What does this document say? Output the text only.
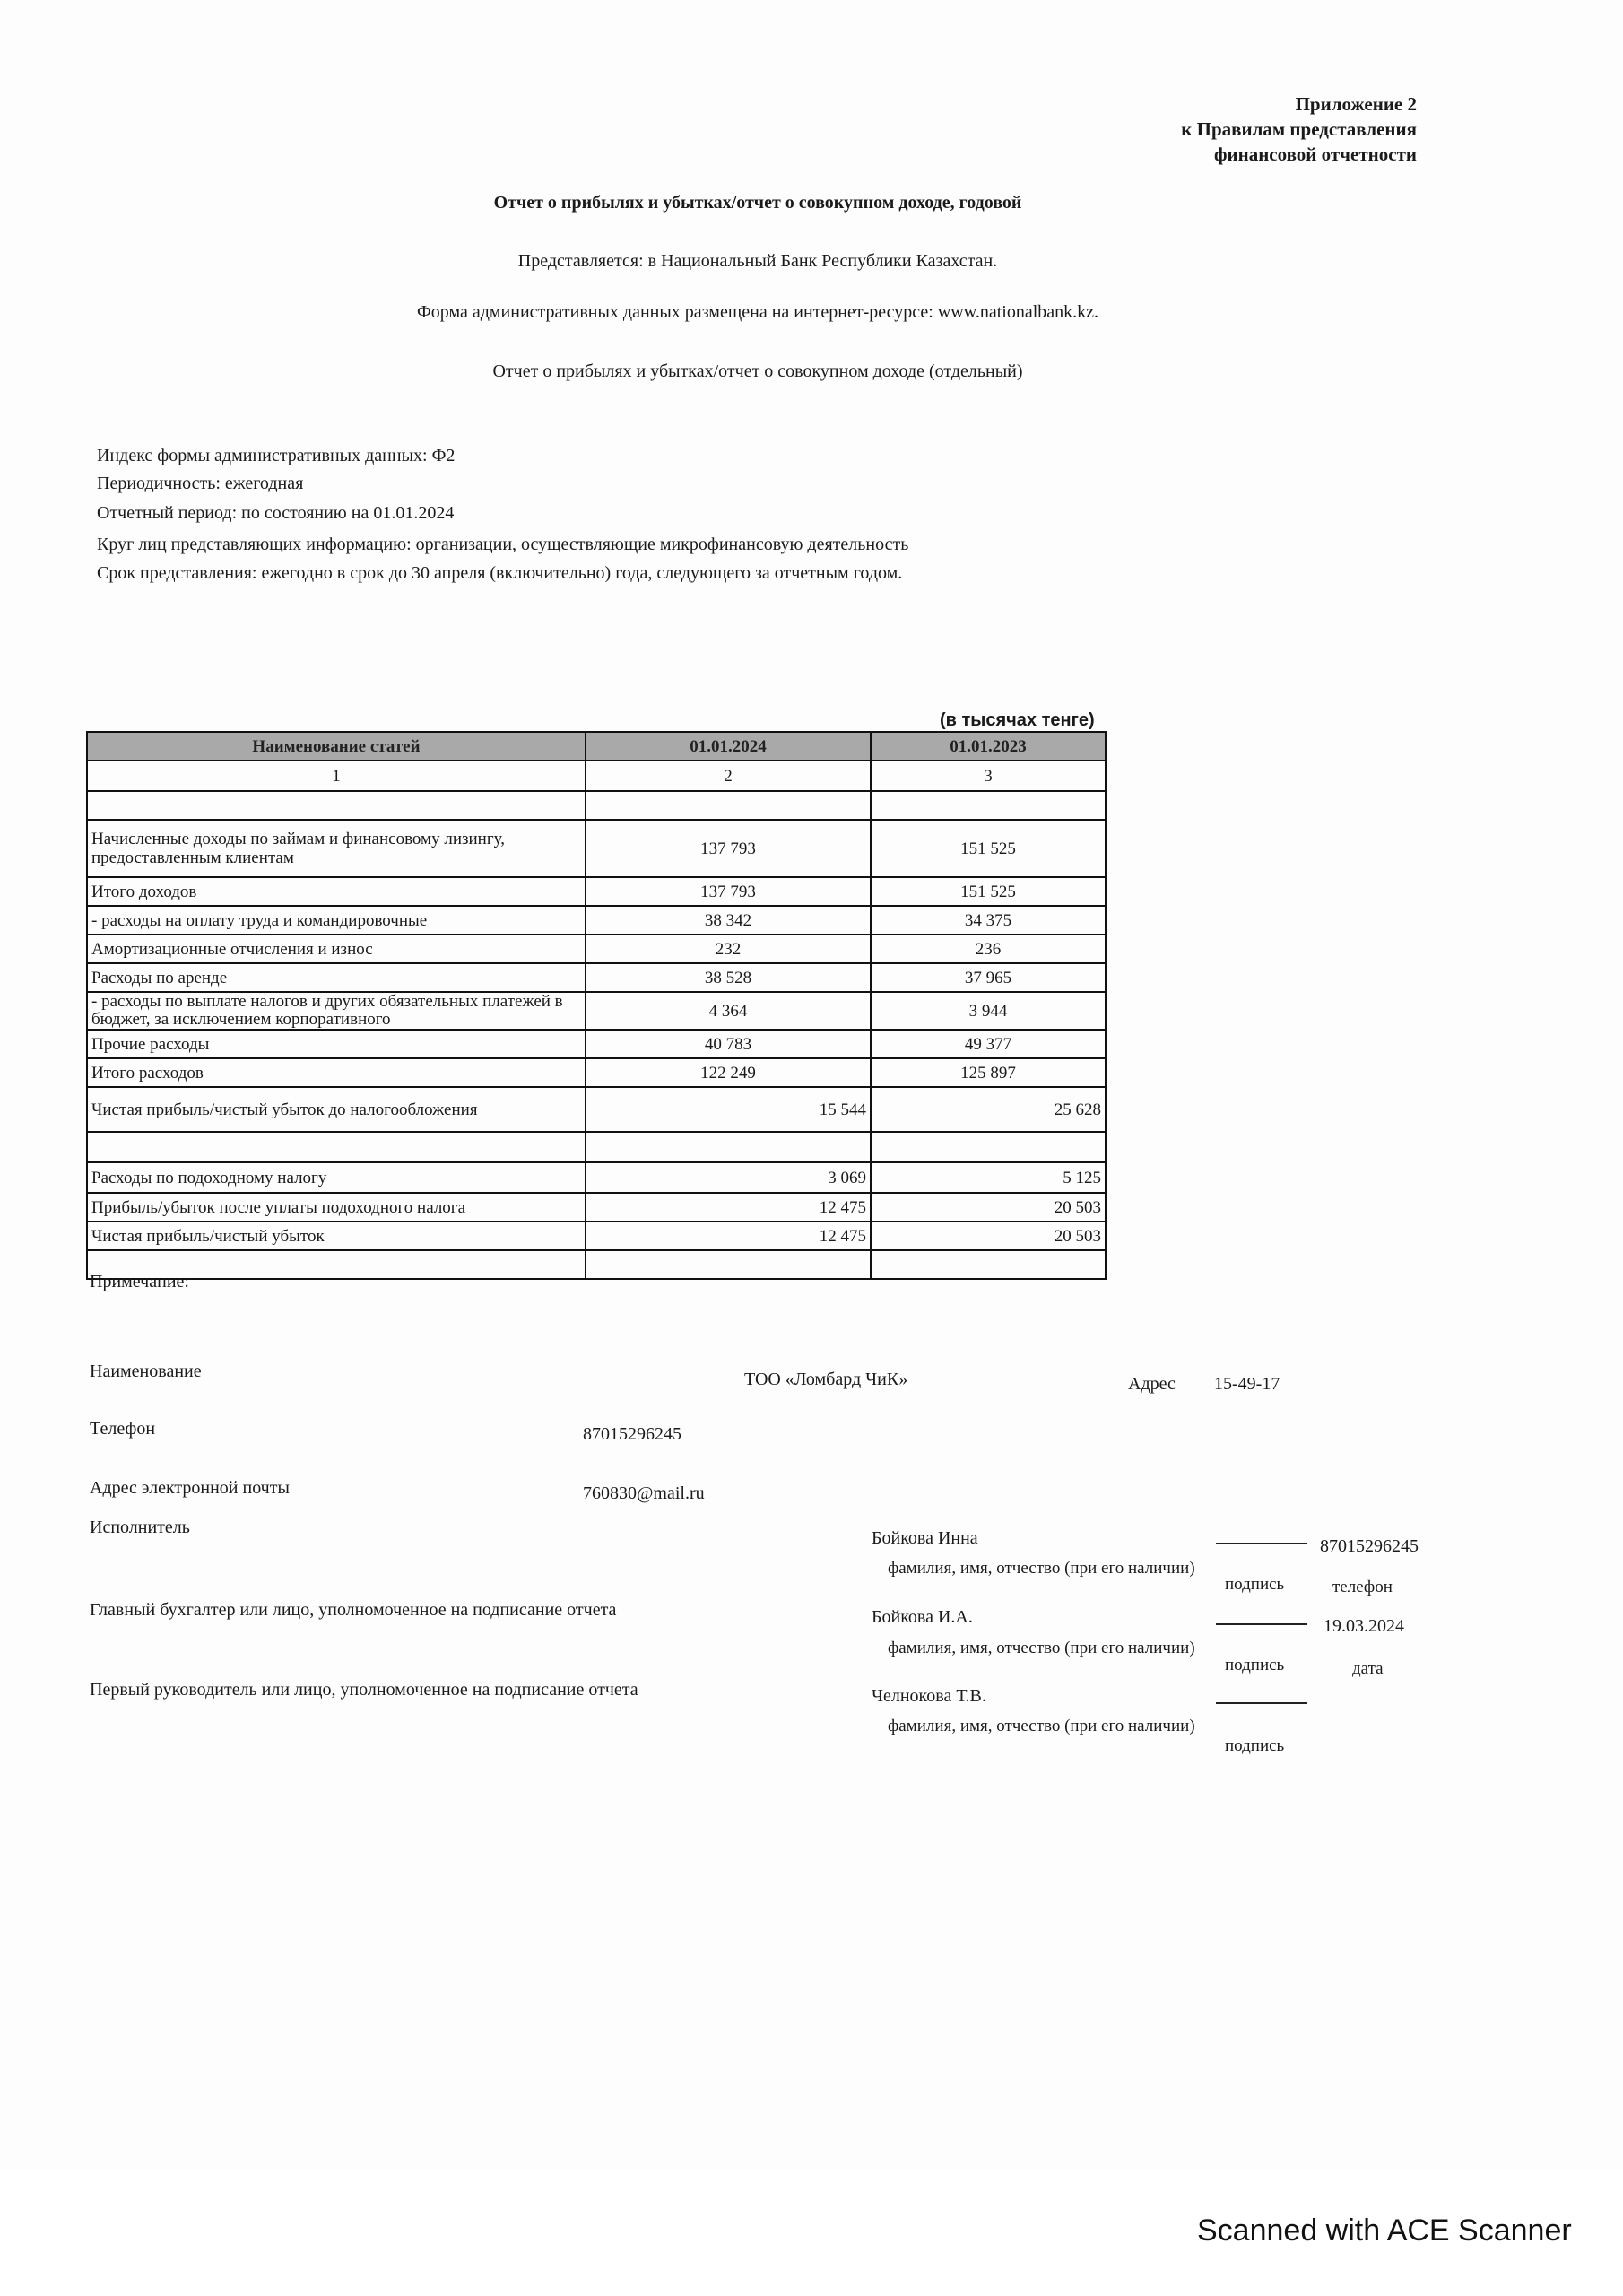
Приложение 2
к Правилам представления
финансовой отчетности
Отчет о прибылях и убытках/отчет о совокупном доходе, годовой
Представляется: в Национальный Банк Республики Казахстан.
Форма административных данных размещена на интернет-ресурсе: www.nationalbank.kz.
Отчет о прибылях и убытках/отчет о совокупном доходе (отдельный)
Индекс формы административных данных: Ф2
Периодичность: ежегодная
Отчетный период: по состоянию на 01.01.2024
Круг лиц представляющих информацию: организации, осуществляющие микрофинансовую деятельность
Срок представления: ежегодно в срок до 30 апреля (включительно) года, следующего за отчетным годом.
(в тысячах тенге)
Наименование статей	01.01.2024	01.01.2023
1	2	3

Начисленные доходы по займам и финансовому лизингу, предоставленным клиентам	137 793	151 525
Итого доходов	137 793	151 525
- расходы на оплату труда и командировочные	38 342	34 375
Амортизационные отчисления и износ	232	236
Расходы по аренде	38 528	37 965
- расходы по выплате налогов и других обязательных платежей в бюджет, за исключением корпоративного	4 364	3 944
Прочие расходы	40 783	49 377
Итого расходов	122 249	125 897
Чистая прибыль/чистый убыток до налогообложения	15 544	25 628

Расходы по подоходному налогу	3 069	5 125
Прибыль/убыток после уплаты подоходного налога	12 475	20 503
Чистая прибыль/чистый убыток	12 475	20 503

Примечание:
Наименование	ТОО «Ломбард ЧиК»	Адрес 15-49-17
Телефон	87015296245
Адрес электронной почты	760830@mail.ru
Исполнитель
Бойкова Инна	87015296245
фамилия, имя, отчество (при его наличии)
подпись	телефон
Главный бухгалтер или лицо, уполномоченное на подписание отчета	Бойкова И.А.	19.03.2024
фамилия, имя, отчество (при его наличии)
подпись	дата
Первый руководитель или лицо, уполномоченное на подписание отчета	Челнокова Т.В.
фамилия, имя, отчество (при его наличии)
подпись
Scanned with ACE Scanner
